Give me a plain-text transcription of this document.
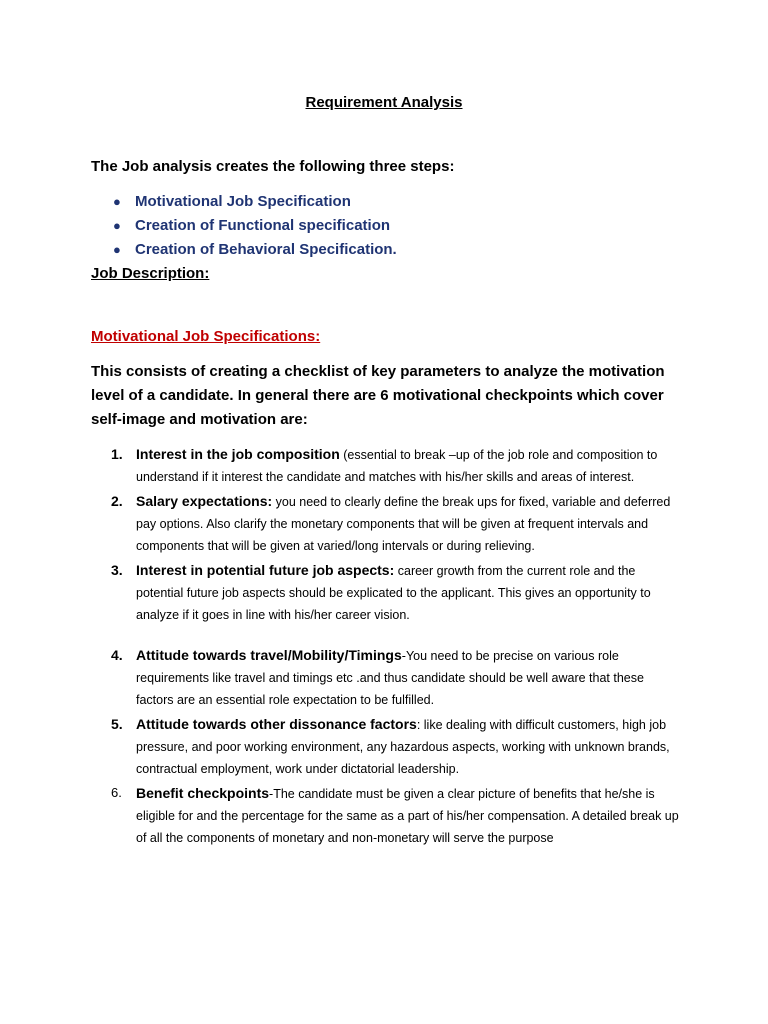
Requirement Analysis
The Job analysis creates the following three steps:
● Motivational Job Specification
● Creation of Functional specification
● Creation of Behavioral Specification.
Job Description:
Motivational Job Specifications:
This consists of creating a checklist of key parameters to analyze the motivation level of a candidate. In general there are 6 motivational checkpoints which cover self-image and motivation are:
1. Interest in the job composition (essential to break –up of the job role and composition to understand if it interest the candidate and matches with his/her skills and areas of interest.
2. Salary expectations: you need to clearly define the break ups for fixed, variable and deferred pay options. Also clarify the monetary components that will be given at frequent intervals and components that will be given at varied/long intervals or during relieving.
3. Interest in potential future job aspects: career growth from the current role and the potential future job aspects should be explicated to the applicant. This gives an opportunity to analyze if it goes in line with his/her career vision.
4. Attitude towards travel/Mobility/Timings-You need to be precise on various role requirements like travel and timings etc .and thus candidate should be well aware that these factors are an essential role expectation to be fulfilled.
5. Attitude towards other dissonance factors: like dealing with difficult customers, high job pressure, and poor working environment, any hazardous aspects, working with unknown brands, contractual employment, work under dictatorial leadership.
6. Benefit checkpoints-The candidate must be given a clear picture of benefits that he/she is eligible for and the percentage for the same as a part of his/her compensation. A detailed break up of all the components of monetary and non-monetary will serve the purpose
